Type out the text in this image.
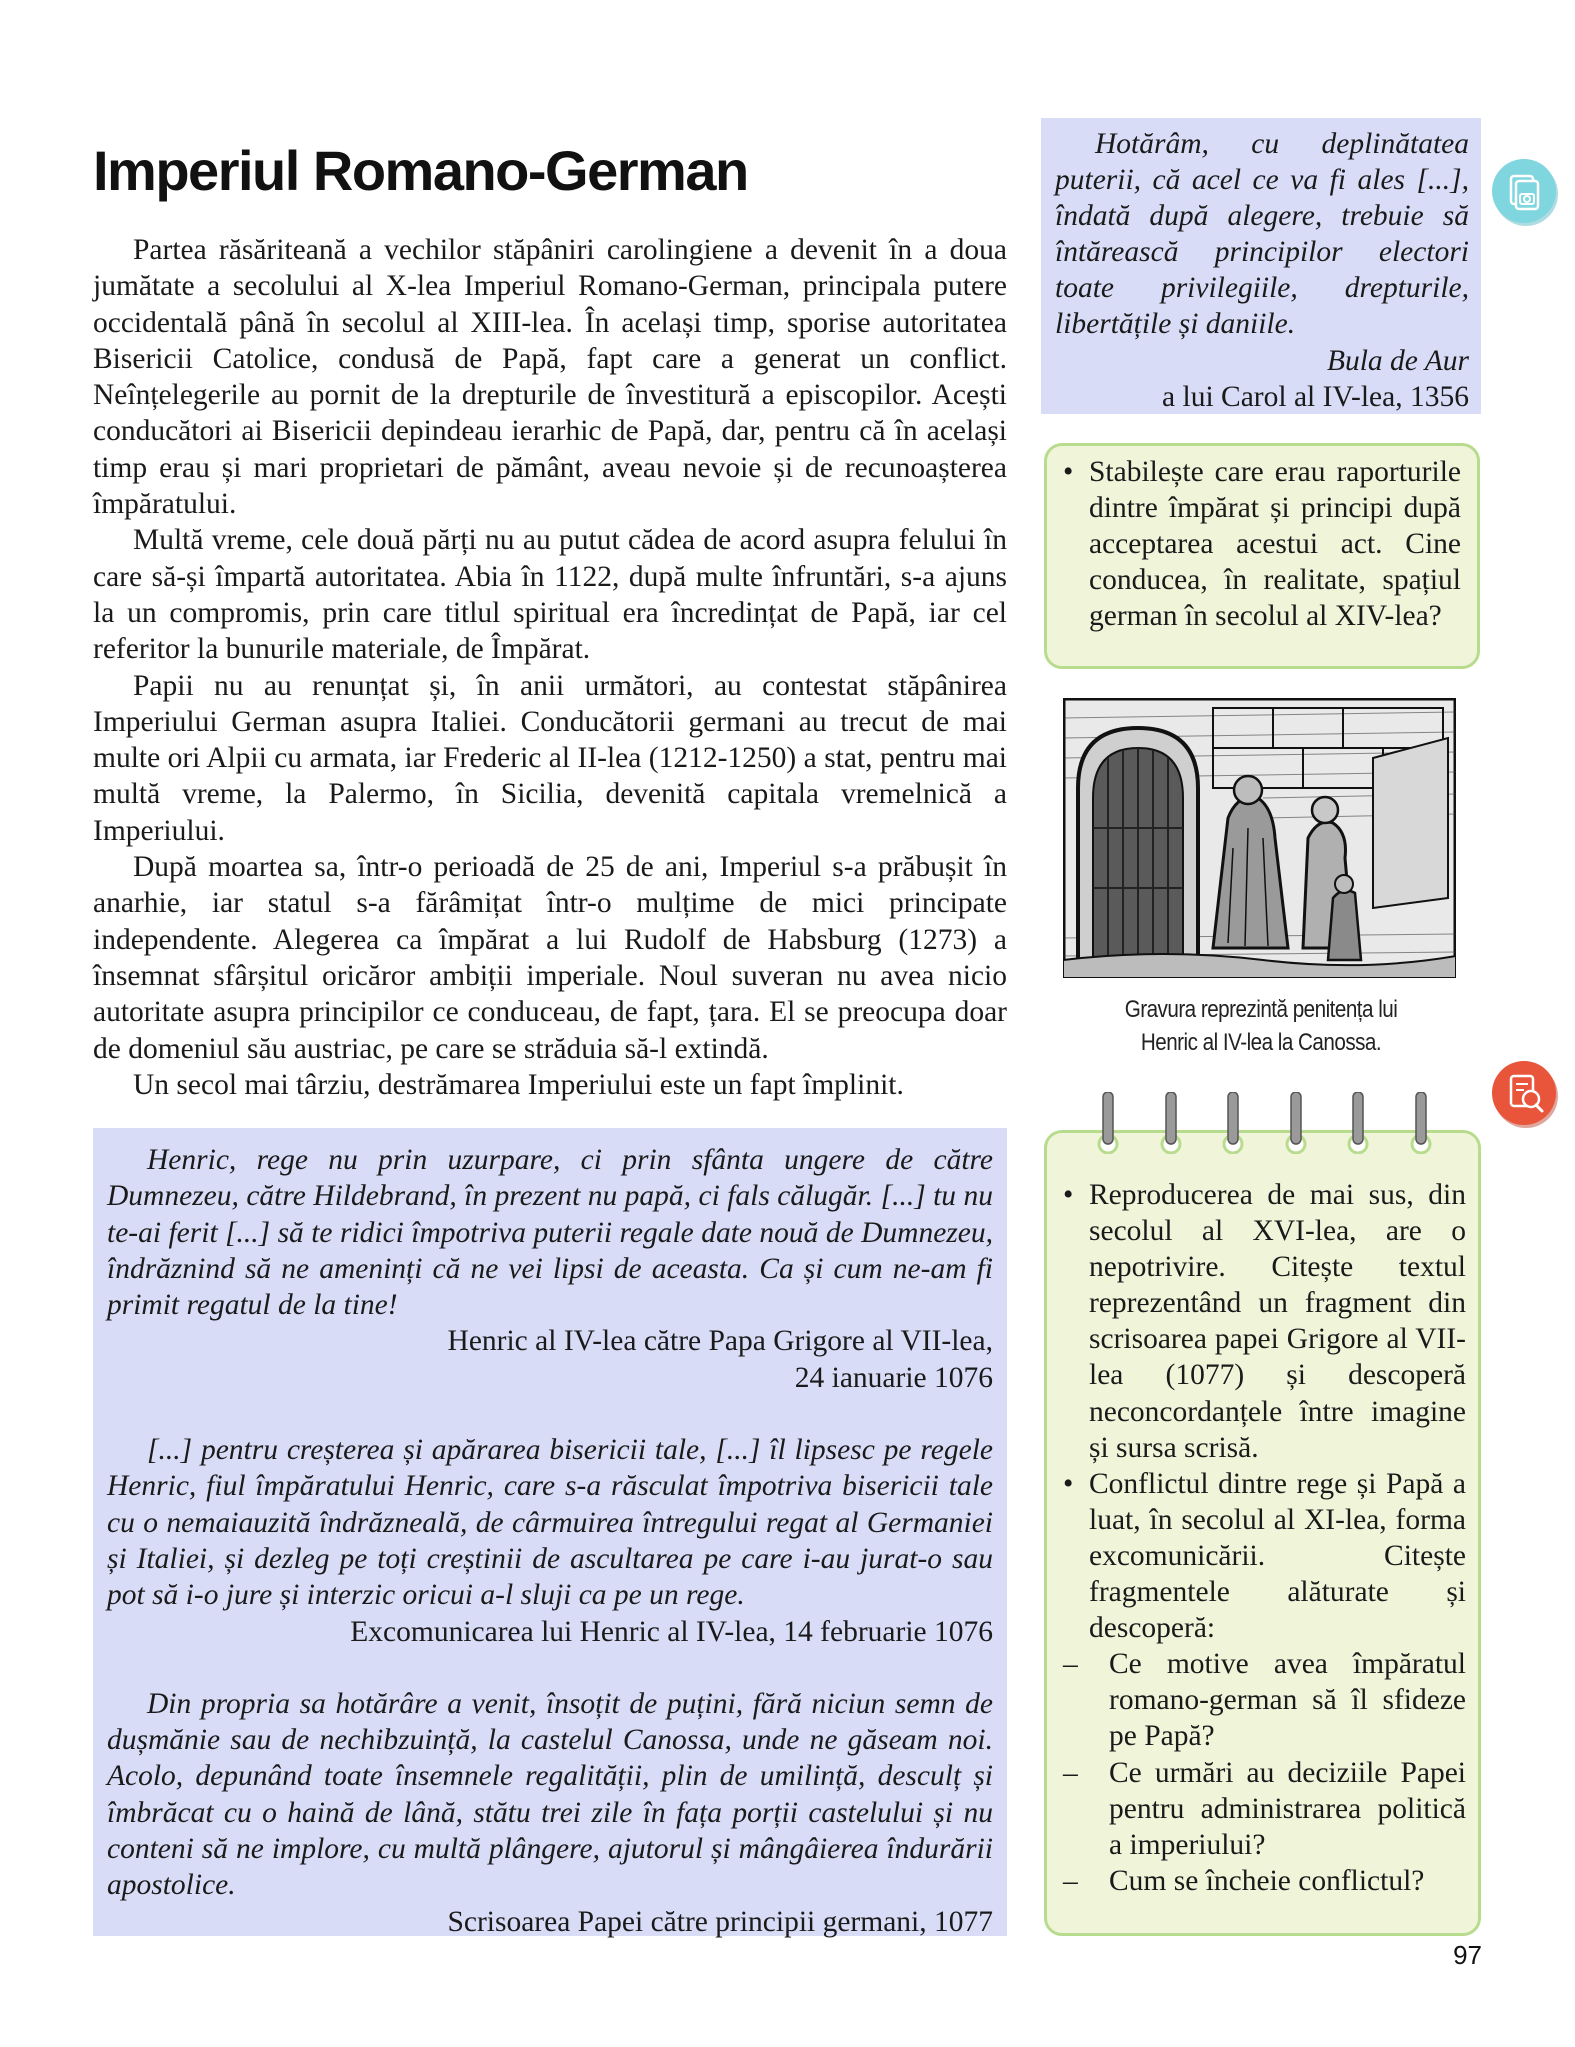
Imperiul Romano-German

Partea răsăriteană a vechilor stăpâniri carolingiene a devenit în a doua jumătate a secolului al X-lea Imperiul Romano-German, principala putere occidentală până în secolul al XIII-lea. În același timp, sporise autoritatea Bisericii Catolice, condusă de Papă, fapt care a generat un conflict. Neînțelegerile au pornit de la drepturile de învestitură a episcopilor. Acești conducători ai Bisericii depindeau ierarhic de Papă, dar, pentru că în același timp erau și mari proprietari de pământ, aveau nevoie și de recunoașterea împăratului.

Multă vreme, cele două părți nu au putut cădea de acord asupra felului în care să-și împartă autoritatea. Abia în 1122, după multe înfruntări, s-a ajuns la un compromis, prin care titlul spiritual era încredințat de Papă, iar cel referitor la bunurile materiale, de Împărat.

Papii nu au renunțat și, în anii următori, au contestat stăpânirea Imperiului German asupra Italiei. Conducătorii germani au trecut de mai multe ori Alpii cu armata, iar Frederic al II-lea (1212-1250) a stat, pentru mai multă vreme, la Palermo, în Sicilia, devenită capitala vremelnică a Imperiului.

După moartea sa, într-o perioadă de 25 de ani, Imperiul s-a prăbușit în anarhie, iar statul s-a fărâmițat într-o mulțime de mici principate independente. Alegerea ca împărat a lui Rudolf de Habsburg (1273) a însemnat sfârșitul oricăror ambiții imperiale. Noul suveran nu avea nicio autoritate asupra principilor ce conduceau, de fapt, țara. El se preocupa doar de domeniul său austriac, pe care se străduia să-l extindă.

Un secol mai târziu, destrămarea Imperiului este un fapt împlinit.

Henric, rege nu prin uzurpare, ci prin sfânta ungere de către Dumnezeu, către Hildebrand, în prezent nu papă, ci fals călugăr. [...] tu nu te-ai ferit [...] să te ridici împotriva puterii regale date nouă de Dumnezeu, îndrăznind să ne ameninți că ne vei lipsi de aceasta. Ca și cum ne-am fi primit regatul de la tine!
Henric al IV-lea către Papa Grigore al VII-lea,
24 ianuarie 1076
[...] pentru creșterea și apărarea bisericii tale, [...] îl lipsesc pe regele Henric, fiul împăratului Henric, care s-a răsculat împotriva bisericii tale cu o nemaiauzită îndrăzneală, de cârmuirea întregului regat al Germaniei și Italiei, și dezleg pe toți creștinii de ascultarea pe care i-au jurat-o sau pot să i-o jure și interzic oricui a-l sluji ca pe un rege.
Excomunicarea lui Henric al IV-lea, 14 februarie 1076
Din propria sa hotărâre a venit, însoțit de puțini, fără niciun semn de dușmănie sau de nechibzuință, la castelul Canossa, unde ne găseam noi. Acolo, depunând toate însemnele regalității, plin de umilință, desculț și îmbrăcat cu o haină de lână, stătu trei zile în fața porții castelului și nu conteni să ne implore, cu multă plângere, ajutorul și mângâierea îndurării apostolice.
Scrisoarea Papei către principii germani, 1077
Hotărâm, cu deplinătatea puterii, că acel ce va fi ales [...], îndată după alegere, trebuie să întărească principilor electori toate privilegiile, drepturile, libertățile și daniile.
Bula de Aur
a lui Carol al IV-lea, 1356
• Stabilește care erau raporturile dintre împărat și principi după acceptarea acestui act. Cine conducea, în realitate, spațiul german în secolul al XIV-lea?
Gravura reprezintă penitența lui
Henric al IV-lea la Canossa.
• Reproducerea de mai sus, din secolul al XVI-lea, are o nepotrivire. Citește textul reprezentând un fragment din scrisoarea papei Grigore al VII-lea (1077) și descoperă neconcordanțele între imagine și sursa scrisă.
• Conflictul dintre rege și Papă a luat, în secolul al XI-lea, forma excomunicării. Citește fragmentele alăturate și descoperă:
– Ce motive avea împăratul romano-german să îl sfideze pe Papă?
– Ce urmări au deciziile Papei pentru administrarea politică a imperiului?
– Cum se încheie conflictul?
97
